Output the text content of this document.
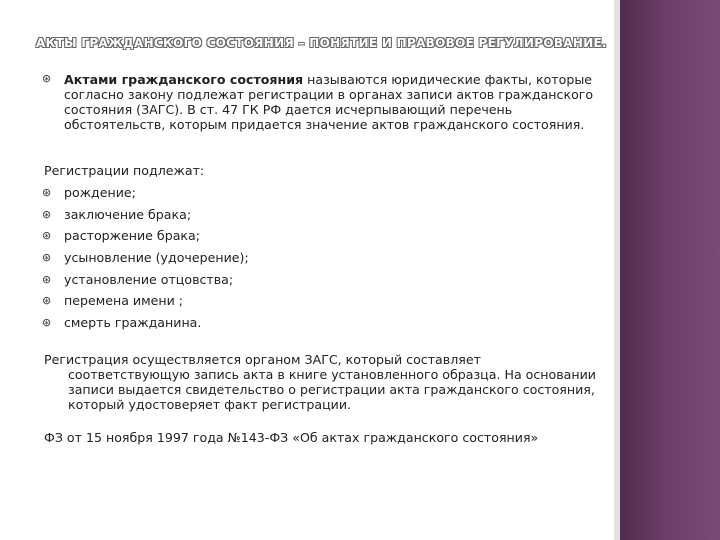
АКТЫ ГРАЖДАНСКОГО СОСТОЯНИЯ – ПОНЯТИЕ И ПРАВОВОЕ РЕГУЛИРОВАНИЕ.
⊛ Актами гражданского состояния называются юридические факты, которые согласно закону подлежат регистрации в органах записи актов гражданского состояния (ЗАГС). В ст. 47 ГК РФ дается исчерпывающий перечень обстоятельств, которым придается значение актов гражданского состояния.
Регистрации подлежат:
⊛ рождение;
⊛ заключение брака;
⊛ расторжение брака;
⊛ усыновление (удочерение);
⊛ установление отцовства;
⊛ перемена имени ;
⊛ смерть гражданина.
Регистрация осуществляется органом ЗАГС, который составляет соответствующую запись акта в книге установленного образца. На основании записи выдается свидетельство о регистрации акта гражданского состояния, который удостоверяет факт регистрации.
ФЗ от 15 ноября 1997 года №143-ФЗ «Об актах гражданского состояния»
